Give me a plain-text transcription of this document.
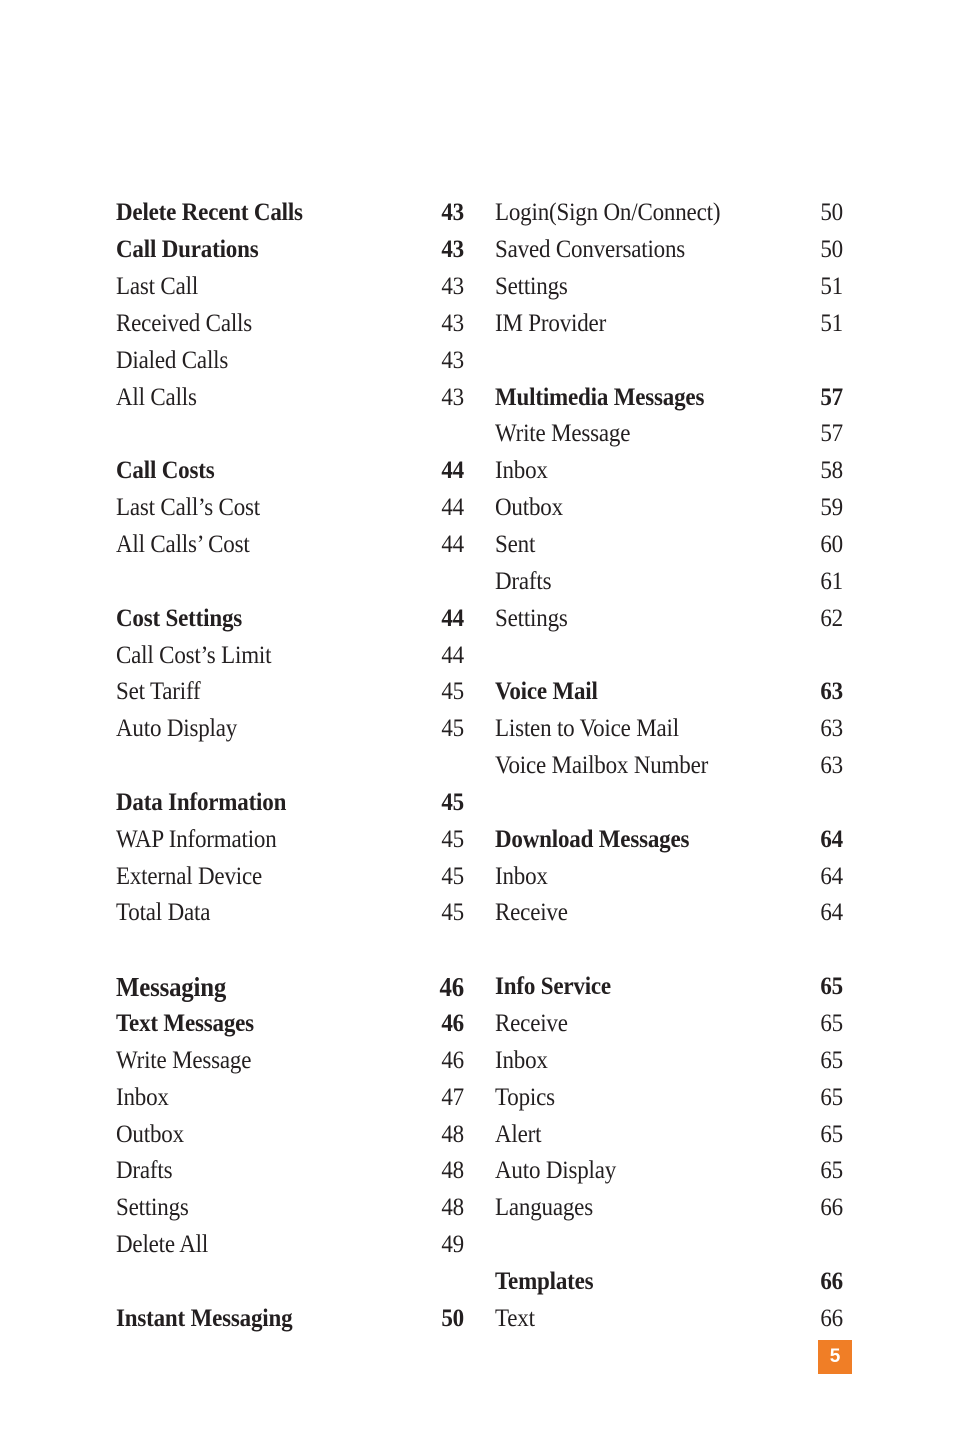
Delete Recent Calls	43
Call Durations	43
Last Call	43
Received Calls	43
Dialed Calls	43
All Calls	43
Call Costs	44
Last Call’s Cost	44
All Calls’ Cost	44
Cost Settings	44
Call Cost’s Limit	44
Set Tariff	45
Auto Display	45
Data Information	45
WAP Information	45
External Device	45
Total Data	45
Messaging	46
Text Messages	46
Write Message	46
Inbox	47
Outbox	48
Drafts	48
Settings	48
Delete All	49
Instant Messaging	50
Login(Sign On/Connect)	50
Saved Conversations	50
Settings	51
IM Provider	51
Multimedia Messages	57
Write Message	57
Inbox	58
Outbox	59
Sent	60
Drafts	61
Settings	62
Voice Mail	63
Listen to Voice Mail	63
Voice Mailbox Number	63
Download Messages	64
Inbox	64
Receive	64
Info Service	65
Receive	65
Inbox	65
Topics	65
Alert	65
Auto Display	65
Languages	66
Templates	66
Text	66
5
